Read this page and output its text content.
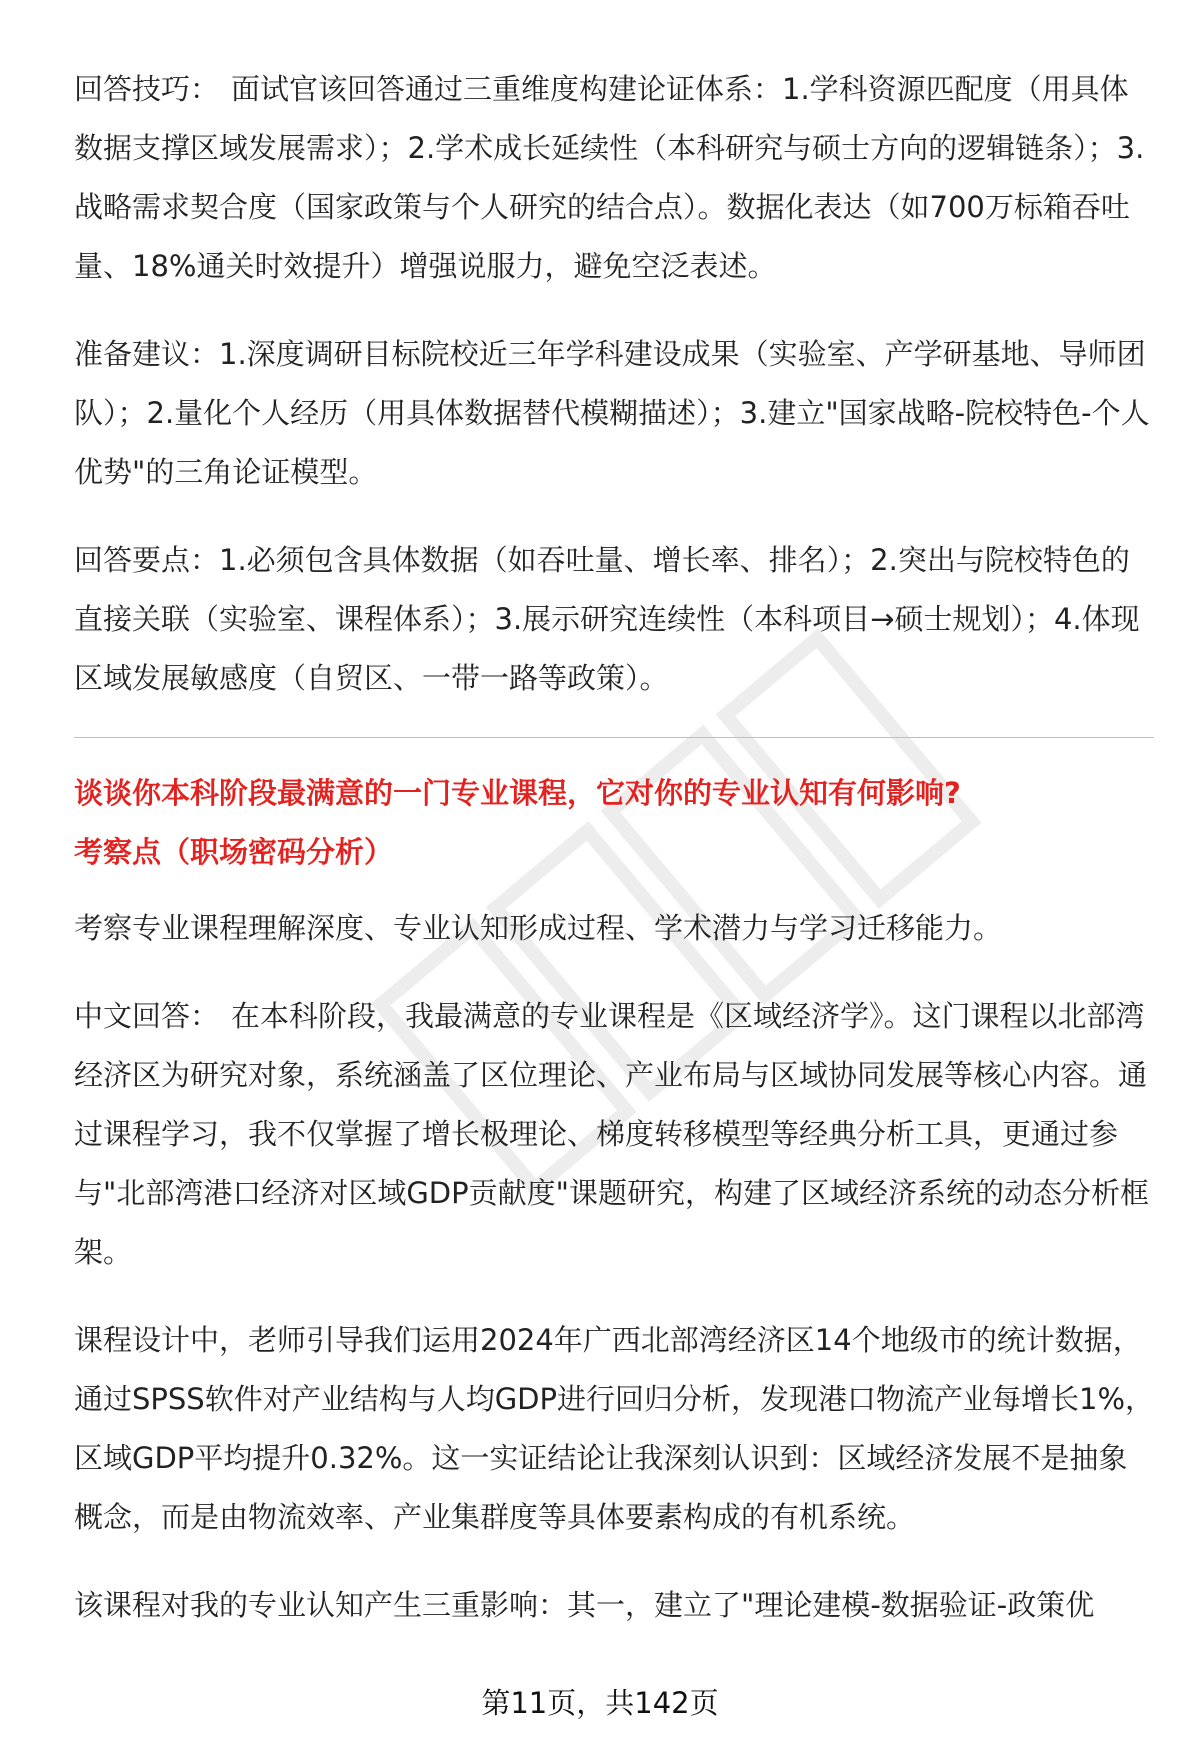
回答技巧： 面试官该回答通过三重维度构建论证体系：1.学科资源匹配度（用具体数据支撑区域发展需求）；2.学术成长延续性（本科研究与硕士方向的逻辑链条）；3.战略需求契合度（国家政策与个人研究的结合点）。数据化表达（如700万标箱吞吐量、18%通关时效提升）增强说服力，避免空泛表述。

准备建议：1.深度调研目标院校近三年学科建设成果（实验室、产学研基地、导师团队）；2.量化个人经历（用具体数据替代模糊描述）；3.建立"国家战略-院校特色-个人优势"的三角论证模型。

回答要点：1.必须包含具体数据（如吞吐量、增长率、排名）；2.突出与院校特色的直接关联（实验室、课程体系）；3.展示研究连续性（本科项目→硕士规划）；4.体现区域发展敏感度（自贸区、一带一路等政策）。

谈谈你本科阶段最满意的一门专业课程，它对你的专业认知有何影响?

考察点（职场密码分析）

考察专业课程理解深度、专业认知形成过程、学术潜力与学习迁移能力。

中文回答： 在本科阶段，我最满意的专业课程是《区域经济学》。这门课程以北部湾经济区为研究对象，系统涵盖了区位理论、产业布局与区域协同发展等核心内容。通过课程学习，我不仅掌握了增长极理论、梯度转移模型等经典分析工具，更通过参与"北部湾港口经济对区域GDP贡献度"课题研究，构建了区域经济系统的动态分析框架。

课程设计中，老师引导我们运用2024年广西北部湾经济区14个地级市的统计数据，通过SPSS软件对产业结构与人均GDP进行回归分析，发现港口物流产业每增长1%，区域GDP平均提升0.32%。这一实证结论让我深刻认识到：区域经济发展不是抽象概念，而是由物流效率、产业集群度等具体要素构成的有机系统。

该课程对我的专业认知产生三重影响：其一，建立了"理论建模-数据验证-政策优

第11页，共142页
